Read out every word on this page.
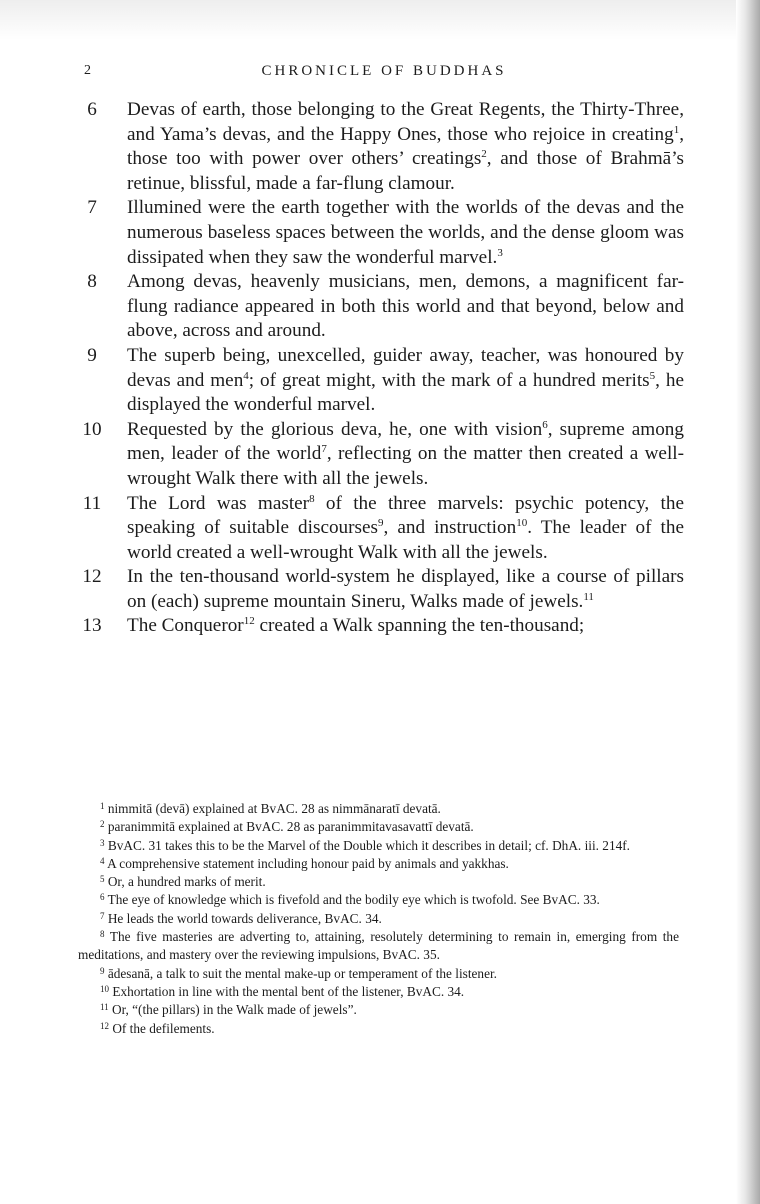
2	CHRONICLE OF BUDDHAS
6	Devas of earth, those belonging to the Great Regents, the Thirty-Three, and Yama’s devas, and the Happy Ones, those who rejoice in creating$^1$, those too with power over others’ creatings$^2$, and those of Brahmā’s retinue, blissful, made a far-flung clamour.
7	Illumined were the earth together with the worlds of the devas and the numerous baseless spaces between the worlds, and the dense gloom was dissipated when they saw the wonderful marvel.$^3$
8	Among devas, heavenly musicians, men, demons, a magnificent far-flung radiance appeared in both this world and that beyond, below and above, across and around.
9	The superb being, unexcelled, guider away, teacher, was honoured by devas and men$^4$; of great might, with the mark of a hundred merits$^5$, he displayed the wonderful marvel.
10	Requested by the glorious deva, he, one with vision$^6$, supreme among men, leader of the world$^7$, reflecting on the matter then created a well-wrought Walk there with all the jewels.
11	The Lord was master$^8$ of the three marvels: psychic potency, the speaking of suitable discourses$^9$, and instruction$^{10}$. The leader of the world created a well-wrought Walk with all the jewels.
12	In the ten-thousand world-system he displayed, like a course of pillars on (each) supreme mountain Sineru, Walks made of jewels.$^{11}$
13	The Conqueror$^{12}$ created a Walk spanning the ten-thousand;
$^1$ nimmitā (devā) explained at BvAC. 28 as nimmānaratī devatā.
$^2$ paranimmitā explained at BvAC. 28 as paranimmitavasavattī devatā.
$^3$ BvAC. 31 takes this to be the Marvel of the Double which it describes in detail; cf. DhA. iii. 214f.
$^4$ A comprehensive statement including honour paid by animals and yakkhas.
$^5$ Or, a hundred marks of merit.
$^6$ The eye of knowledge which is fivefold and the bodily eye which is twofold. See BvAC. 33.
$^7$ He leads the world towards deliverance, BvAC. 34.
$^8$ The five masteries are adverting to, attaining, resolutely determining to remain in, emerging from the meditations, and mastery over the reviewing impulsions, BvAC. 35.
$^9$ ādesanā, a talk to suit the mental make-up or temperament of the listener.
$^{10}$ Exhortation in line with the mental bent of the listener, BvAC. 34.
$^{11}$ Or, “(the pillars) in the Walk made of jewels”.
$^{12}$ Of the defilements.
